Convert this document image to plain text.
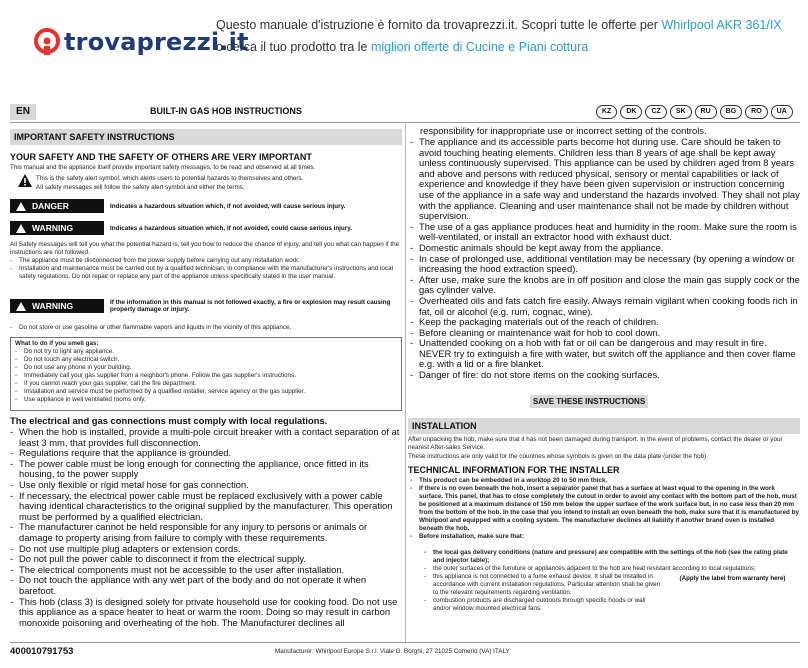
trovaprezzi.it
Questo manuale d'istruzione è fornito da trovaprezzi.it. Scopri tutte le offerte per Whirlpool AKR 361/IX
o cerca il tuo prodotto tra le migliori offerte di Cucine e Piani cottura
EN	BUILT-IN GAS HOB INSTRUCTIONS	KZ	DK	CZ	SK	RU	BG	RO	UA
IMPORTANT SAFETY INSTRUCTIONS
YOUR SAFETY AND THE SAFETY OF OTHERS ARE VERY IMPORTANT
This manual and the appliance itself provide important safety messages, to be read and observed at all times.
This is the safety alert symbol, which alerts users to potential hazards to themselves and others.
All safety messages will follow the safety alert symbol and either the terms:
DANGER	Indicates a hazardous situation which, if not avoided, will cause serious injury.
WARNING	Indicates a hazardous situation which, if not avoided, could cause serious injury.
All Safety messages will tell you what the potential hazard is, tell you how to reduce the chance of injury, and tell you what can happen if the instructions are not followed.
- The appliance must be disconnected from the power supply before carrying out any installation work.
- Installation and maintenance must be carried out by a qualified technician, in compliance with the manufacturer's instructions and local safety regulations. Do not repair or replace any part of the appliance unless specifically stated in the user manual.
WARNING	If the information in this manual is not followed exactly, a fire or explosion may result causing property damage or injury.
- Do not store or use gasoline or other flammable vapors and liquids in the vicinity of this appliance.
What to do if you smell gas:
- Do not try to light any appliance.
- Do not touch any electrical switch.
- Do not use any phone in your building.
- Immediately call your gas supplier from a neighbor's phone. Follow the gas supplier's instructions.
- If you cannot reach your gas supplier, call the fire department.
- Installation and service must be performed by a qualified installer, service agency or the gas supplier.
- Use appliance in well ventilated rooms only.
The electrical and gas connections must comply with local regulations.
- When the hob is installed, provide a multi-pole circuit breaker with a contact separation of at least 3 mm, that provides full disconnection.
- Regulations require that the appliance is grounded.
- The power cable must be long enough for connecting the appliance, once fitted in its housing, to the power supply
- Use only flexible or rigid metal hose for gas connection.
- If necessary, the electrical power cable must be replaced exclusively with a power cable having identical characteristics to the original supplied by the manufacturer. This operation must be performed by a qualified electrician.
- The manufacturer cannot be held responsible for any injury to persons or animals or damage to property arising from failure to comply with these requirements.
- Do not use multiple plug adapters or extension cords.
- Do not pull the power cable to disconnect it from the electrical supply.
- The electrical components must not be accessible to the user after installation.
- Do not touch the appliance with any wet part of the body and do not operate it when barefoot.
- This hob (class 3) is designed solely for private household use for cooking food. Do not use this appliance as a space heater to heat or warm the room. Doing so may result in carbon monoxide poisoning and overheating of the hob. The Manufacturer declines all
responsibility for inappropriate use or incorrect setting of the controls.
- The appliance and its accessible parts become hot during use. Care should be taken to avoid touching heating elements. Children less than 8 years of age shall be kept away unless continuously supervised. This appliance can be used by children aged from 8 years and above and persons with reduced physical, sensory or mental capabilities or lack of experience and knowledge if they have been given supervision or instruction concerning use of the appliance in a safe way and understand the hazards involved. They shall not play with the appliance. Cleaning and user maintenance shall not be made by children without supervision.
- The use of a gas appliance produces heat and humidity in the room. Make sure the room is well-ventilated, or install an extractor hood with exhaust duct.
- Domestic animals should be kept away from the appliance.
- In case of prolonged use, additional ventilation may be necessary (by opening a window or increasing the hood extraction speed).
- After use, make sure the knobs are in off position and close the main gas supply cock or the gas cylinder valve.
- Overheated oils and fats catch fire easily. Always remain vigilant when cooking foods rich in fat, oil or alcohol (e.g. rum, cognac, wine).
- Keep the packaging materials out of the reach of children.
- Before cleaning or maintenance wait for hob to cool down.
- Unattended cooking on a hob with fat or oil can be dangerous and may result in fire. NEVER try to extinguish a fire with water, but switch off the appliance and then cover flame e.g. with a lid or a fire blanket.
- Danger of fire: do not store items on the cooking surfaces.
SAVE THESE INSTRUCTIONS
INSTALLATION
After unpacking the hob, make sure that it has not been damaged during transport. In the event of problems, contact the dealer or your nearest After-sales Service.
These instructions are only valid for the countries whose symbols is given on the data plate (under the hob).
TECHNICAL INFORMATION FOR THE INSTALLER
- This product can be embedded in a worktop 20 to 50 mm thick.
- If there is no oven beneath the hob, insert a separator panel that has a surface at least equal to the opening in the work surface. This panel, that has to close completely the cutout in order to avoid any contact with the bottom part of the hob, must be positioned at a maximum distance of 150 mm below the upper surface of the work surface but, in no case less than 20 mm from the bottom of the hob. In the case that you intend to install an oven beneath the hob, make sure that it is manufactured by Whirlpool and equipped with a cooling system. The manufacturer declines all liability if another brand oven is installed beneath the hob.
- Before installation, make sure that:
- the local gas delivery conditions (nature and pressure) are compatible with the settings of the hob (see the rating plate and injector table);
- the outer surfaces of the furniture or appliances adjacent to the hob are heat resistant according to local regulations;
- this appliance is not connected to a fume exhaust device. It shall be installed in accordance with current installation regulations. Particular attention shall be given to the relevant requirements regarding ventilation.
- combustion products are discharged outdoors through specific hoods or wall and/or window mounted electrical fans.
(Apply the label from warranty here)
400010791753	Manufacturer: Whirlpool Europe S.r.l. Viale G. Borghi, 27 21025 Comerio (VA) ITALY
